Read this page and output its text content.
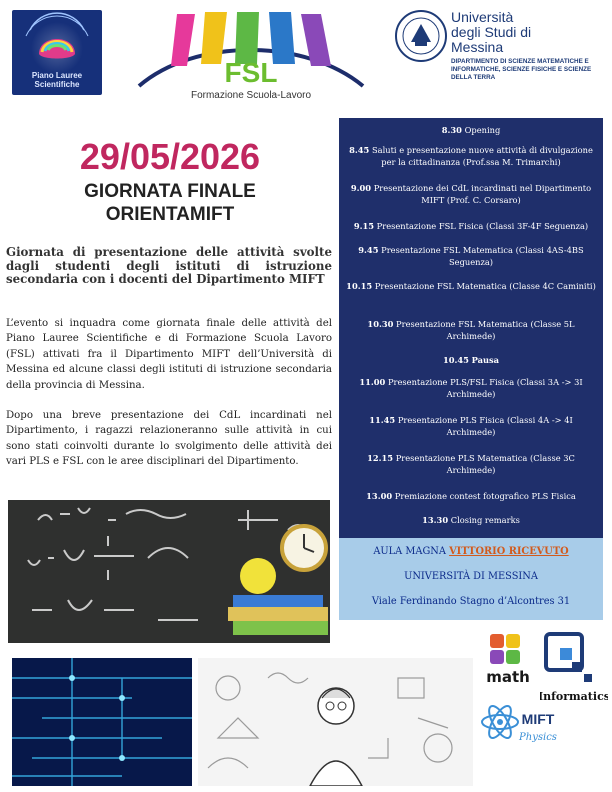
Piano Lauree Scientifiche	FSL
Formazione Scuola-Lavoro
Università
degli Studi di
Messina
DIPARTIMENTO DI SCIENZE MATEMATICHE E INFORMATICHE, SCIENZE FISICHE E SCIENZE DELLA TERRA
29/05/2026
GIORNATA FINALE
ORIENTAMIFT
Giornata di presentazione delle attività svolte dagli studenti degli istituti di istruzione secondaria con i docenti del Dipartimento MIFT
L’evento si inquadra come giornata finale delle attività del Piano Lauree Scientifiche e di Formazione Scuola Lavoro (FSL) attivati fra il Dipartimento MIFT dell’Università di Messina ed alcune classi degli istituti di istruzione secondaria della provincia di Messina.
Dopo una breve presentazione dei CdL incardinati nel Dipartimento, i ragazzi relazioneranno sulle attività in cui sono stati coinvolti durante lo svolgimento delle attività dei vari PLS e FSL con le aree disciplinari del Dipartimento.
8.30 Opening
8.45 Saluti e presentazione nuove attività di divulgazione per la cittadinanza (Prof.ssa M. Trimarchi)
9.00 Presentazione dei CdL incardinati nel Dipartimento MIFT (Prof. C. Corsaro)
9.15 Presentazione FSL Fisica (Classi 3F-4F Seguenza)
9.45 Presentazione FSL Matematica (Classi 4AS-4BS Seguenza)
10.15 Presentazione FSL Matematica (Classe 4C Caminiti)
10.30 Presentazione FSL Matematica (Classe 5L Archimede)
10.45 Pausa
11.00 Presentazione PLS/FSL Fisica (Classi 3A -> 3I Archimede)
11.45 Presentazione PLS Fisica (Classi 4A -> 4I Archimede)
12.15 Presentazione PLS Matematica (Classe 3C Archimede)
13.00 Premiazione contest fotografico PLS Fisica
13.30 Closing remarks
AULA MAGNA VITTORIO RICEVUTO
UNIVERSITÀ DI MESSINA
Viale Ferdinando Stagno d’Alcontres 31
math
Informatics
MIFT
Physics
